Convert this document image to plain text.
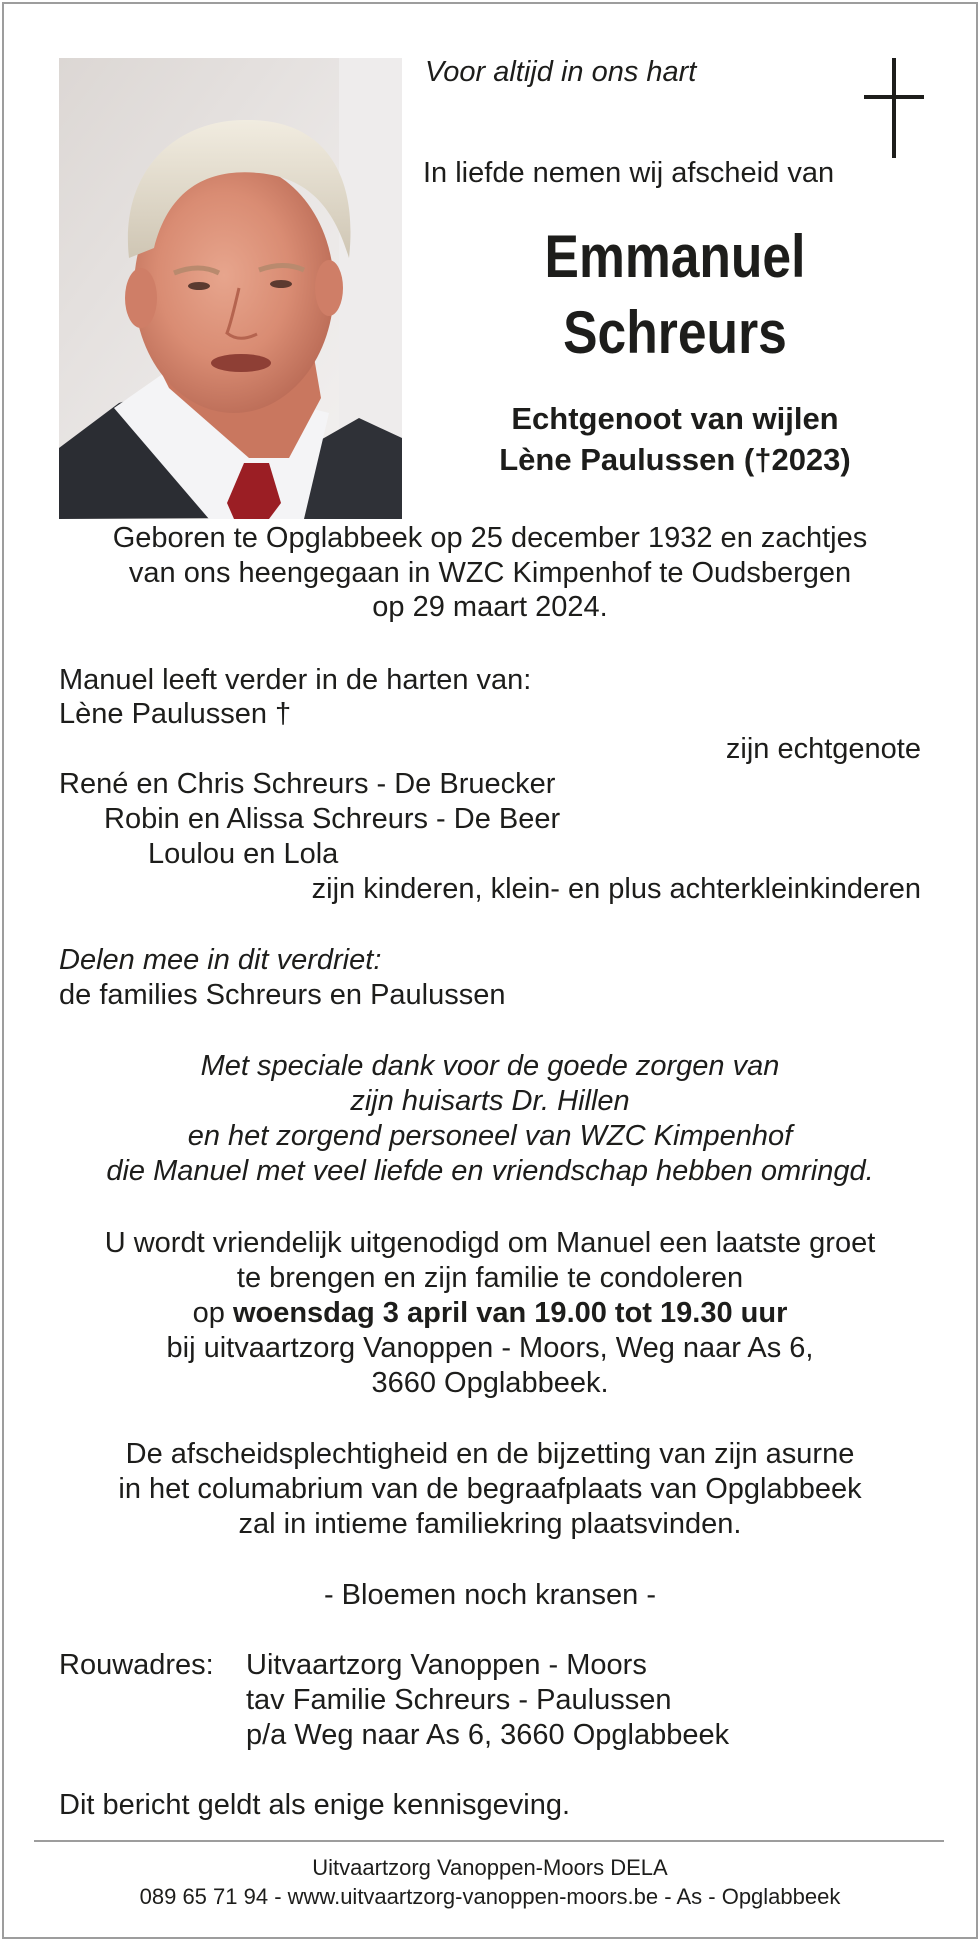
Voor altijd in ons hart
In liefde nemen wij afscheid van
Emmanuel
Schreurs
Echtgenoot van wijlen
Lène Paulussen (†2023)
Geboren te Opglabbeek op 25 december 1932 en zachtjes
van ons heengegaan in WZC Kimpenhof te Oudsbergen
op 29 maart 2024.
Manuel leeft verder in de harten van:
Lène Paulussen †
zijn echtgenote
René en Chris Schreurs - De Bruecker
Robin en Alissa Schreurs - De Beer
Loulou en Lola
zijn kinderen, klein- en plus achterkleinkinderen
Delen mee in dit verdriet:
de families Schreurs en Paulussen
Met speciale dank voor de goede zorgen van
zijn huisarts Dr. Hillen
en het zorgend personeel van WZC Kimpenhof
die Manuel met veel liefde en vriendschap hebben omringd.
U wordt vriendelijk uitgenodigd om Manuel een laatste groet
te brengen en zijn familie te condoleren
op woensdag 3 april van 19.00 tot 19.30 uur
bij uitvaartzorg Vanoppen - Moors, Weg naar As 6,
3660 Opglabbeek.
De afscheidsplechtigheid en de bijzetting van zijn asurne
in het columabrium van de begraafplaats van Opglabbeek
zal in intieme familiekring plaatsvinden.
- Bloemen noch kransen -
Rouwadres: Uitvaartzorg Vanoppen - Moors
tav Familie Schreurs - Paulussen
p/a Weg naar As 6, 3660 Opglabbeek
Dit bericht geldt als enige kennisgeving.
Uitvaartzorg Vanoppen-Moors DELA
089 65 71 94 - www.uitvaartzorg-vanoppen-moors.be - As - Opglabbeek
